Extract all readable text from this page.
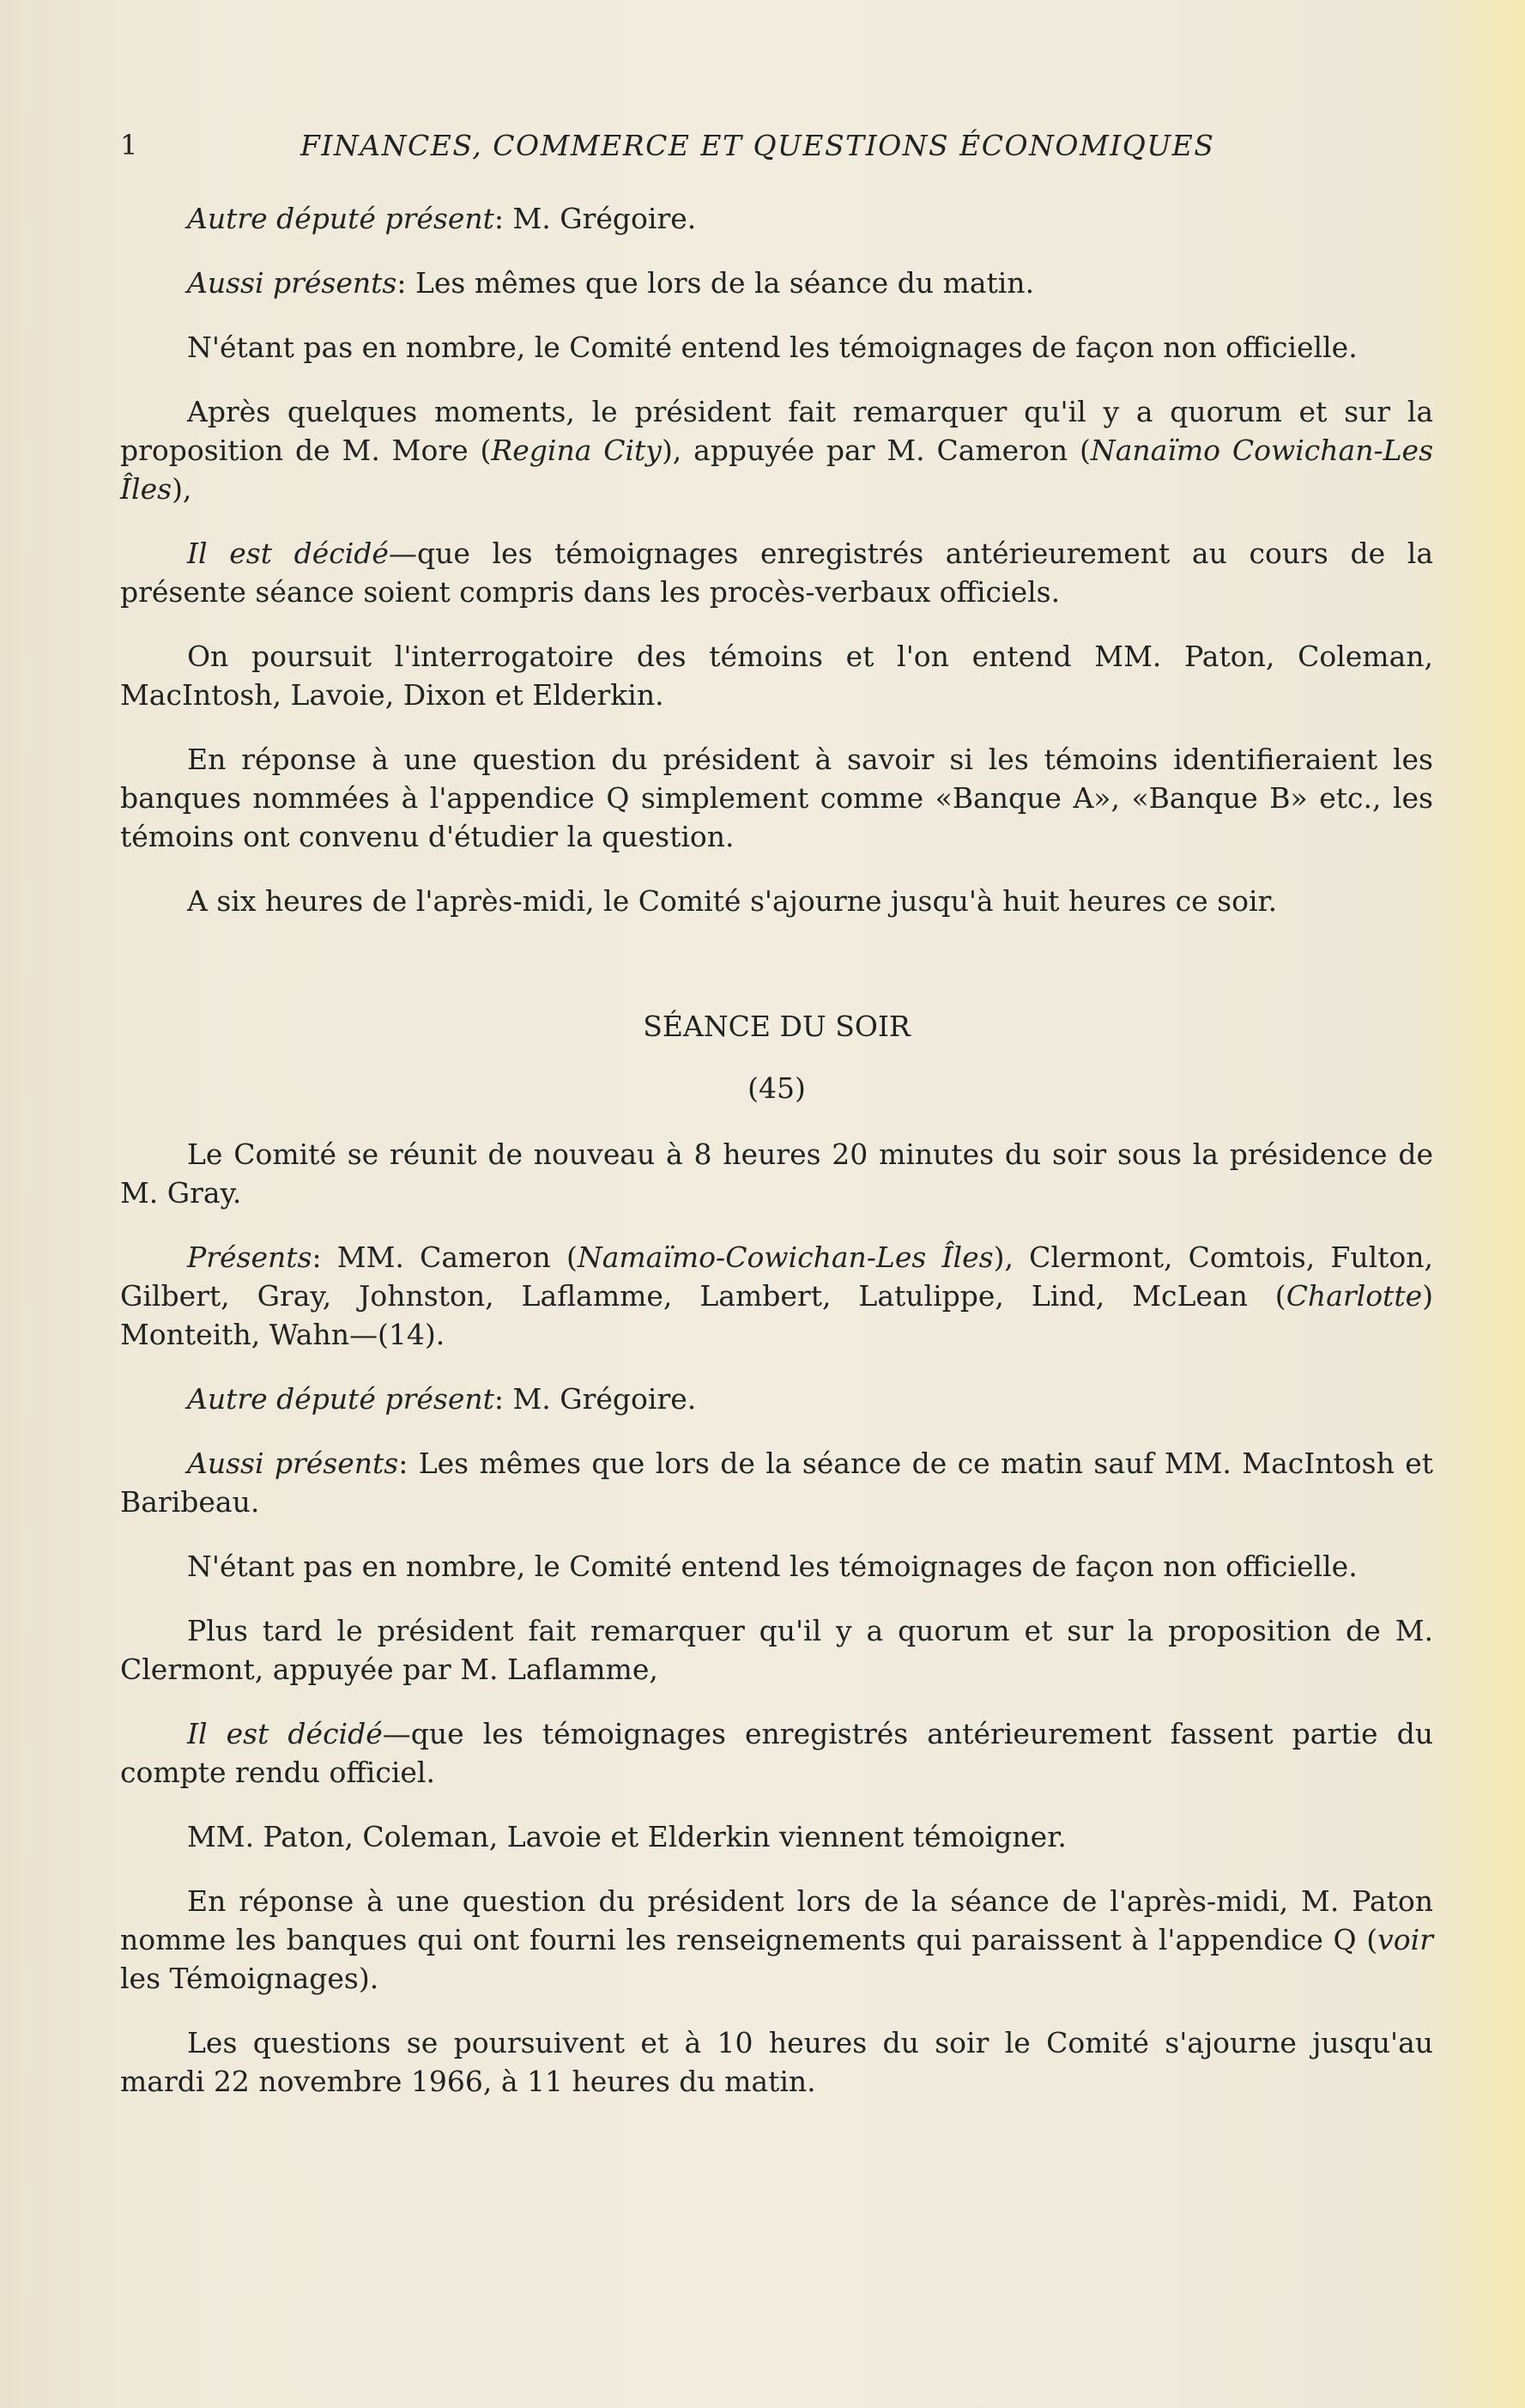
1	FINANCES, COMMERCE ET QUESTIONS ÉCONOMIQUES

Autre député présent: M. Grégoire.

Aussi présents: Les mêmes que lors de la séance du matin.

N'étant pas en nombre, le Comité entend les témoignages de façon non officielle.

Après quelques moments, le président fait remarquer qu'il y a quorum et sur la proposition de M. More (Regina City), appuyée par M. Cameron (Nanaïmo Cowichan-Les Îles),

Il est décidé—que les témoignages enregistrés antérieurement au cours de la présente séance soient compris dans les procès-verbaux officiels.

On poursuit l'interrogatoire des témoins et l'on entend MM. Paton, Coleman, MacIntosh, Lavoie, Dixon et Elderkin.

En réponse à une question du président à savoir si les témoins identifieraient les banques nommées à l'appendice Q simplement comme «Banque A», «Banque B» etc., les témoins ont convenu d'étudier la question.

A six heures de l'après-midi, le Comité s'ajourne jusqu'à huit heures ce soir.

SÉANCE DU SOIR
(45)

Le Comité se réunit de nouveau à 8 heures 20 minutes du soir sous la présidence de M. Gray.

Présents: MM. Cameron (Namaïmo-Cowichan-Les Îles), Clermont, Comtois, Fulton, Gilbert, Gray, Johnston, Laflamme, Lambert, Latulippe, Lind, McLean (Charlotte) Monteith, Wahn—(14).

Autre député présent: M. Grégoire.

Aussi présents: Les mêmes que lors de la séance de ce matin sauf MM. MacIntosh et Baribeau.

N'étant pas en nombre, le Comité entend les témoignages de façon non officielle.

Plus tard le président fait remarquer qu'il y a quorum et sur la proposition de M. Clermont, appuyée par M. Laflamme,

Il est décidé—que les témoignages enregistrés antérieurement fassent partie du compte rendu officiel.

MM. Paton, Coleman, Lavoie et Elderkin viennent témoigner.

En réponse à une question du président lors de la séance de l'après-midi, M. Paton nomme les banques qui ont fourni les renseignements qui paraissent à l'appendice Q (voir les Témoignages).

Les questions se poursuivent et à 10 heures du soir le Comité s'ajourne jusqu'au mardi 22 novembre 1966, à 11 heures du matin.
